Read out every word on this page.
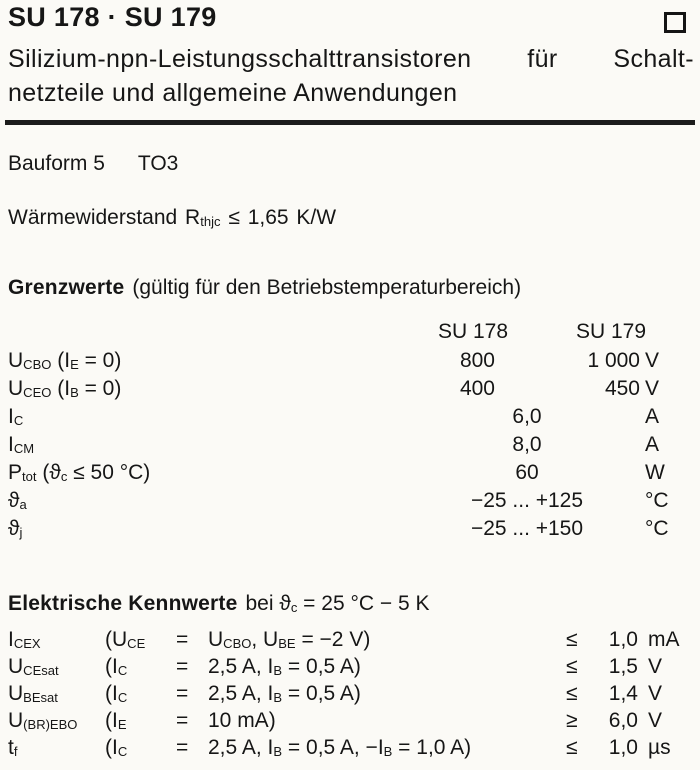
SU 178 · SU 179
Silizium-npn-Leistungsschalttransistoren für Schalt-
netzteile und allgemeine Anwendungen
Bauform 5 TO3
Wärmewiderstand Rthjc ≤ 1,65 K/W
Grenzwerte (gültig für den Betriebstemperaturbereich)
SU 178	SU 179
UCBO (IE = 0)	800	1 000 V
UCEO (IB = 0)	400	450 V
IC	6,0	A
ICM	8,0	A
Ptot (ϑc ≤ 50 °C)	60	W
ϑa	−25 ... +125	°C
ϑj	−25 ... +150	°C
Elektrische Kennwerte bei ϑc = 25 °C − 5 K
ICEX	(UCE = UCBO, UBE = −2 V)	≤	1,0 mA
UCEsat (IC = 2,5 A, IB = 0,5 A)	≤	1,5 V
UBEsat (IC = 2,5 A, IB = 0,5 A)	≤	1,4 V
U(BR)EBO (IE = 10 mA)	≥	6,0 V
tf	(IC = 2,5 A, IB = 0,5 A, −IB = 1,0 A)	≤	1,0 µs
